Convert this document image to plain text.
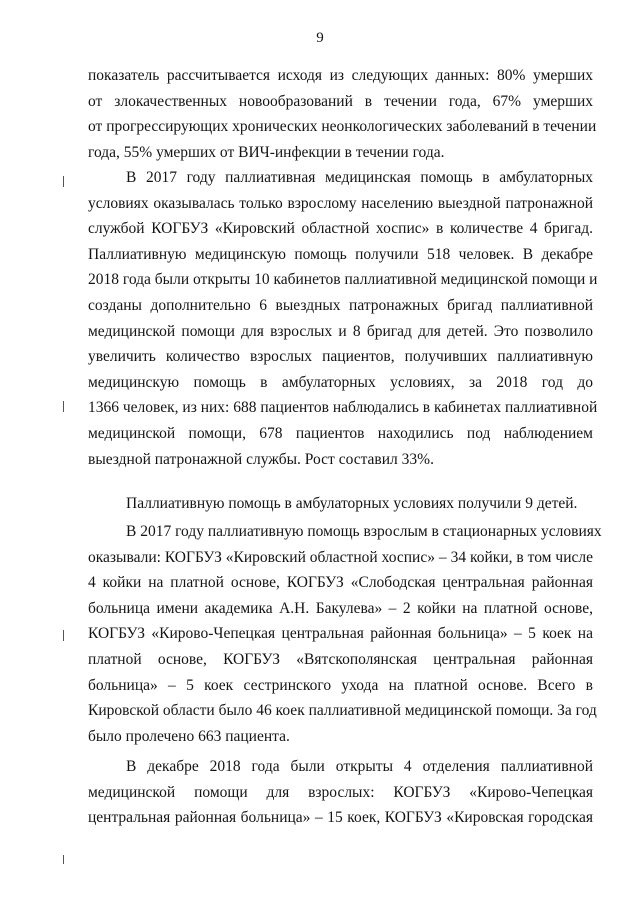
9
показатель рассчитывается исходя из следующих данных: 80% умерших
от злокачественных новообразований в течении года, 67% умерших
от прогрессирующих хронических неонкологических заболеваний в течении
года, 55% умерших от ВИЧ-инфекции в течении года.
В 2017 году паллиативная медицинская помощь в амбулаторных
условиях оказывалась только взрослому населению выездной патронажной
службой КОГБУЗ «Кировский областной хоспис» в количестве 4 бригад.
Паллиативную медицинскую помощь получили 518 человек. В декабре
2018 года были открыты 10 кабинетов паллиативной медицинской помощи и
созданы дополнительно 6 выездных патронажных бригад паллиативной
медицинской помощи для взрослых и 8 бригад для детей. Это позволило
увеличить количество взрослых пациентов, получивших паллиативную
медицинскую помощь в амбулаторных условиях, за 2018 год до
1366 человек, из них: 688 пациентов наблюдались в кабинетах паллиативной
медицинской помощи, 678 пациентов находились под наблюдением
выездной патронажной службы. Рост составил 33%.
Паллиативную помощь в амбулаторных условиях получили 9 детей.
В 2017 году паллиативную помощь взрослым в стационарных условиях
оказывали: КОГБУЗ «Кировский областной хоспис» – 34 койки, в том числе
4 койки на платной основе, КОГБУЗ «Слободская центральная районная
больница имени академика А.Н. Бакулева» – 2 койки на платной основе,
КОГБУЗ «Кирово-Чепецкая центральная районная больница» – 5 коек на
платной основе, КОГБУЗ «Вятскополянская центральная районная
больница» – 5 коек сестринского ухода на платной основе. Всего в
Кировской области было 46 коек паллиативной медицинской помощи. За год
было пролечено 663 пациента.
В декабре 2018 года были открыты 4 отделения паллиативной
медицинской помощи для взрослых: КОГБУЗ «Кирово-Чепецкая
центральная районная больница» – 15 коек, КОГБУЗ «Кировская городская
